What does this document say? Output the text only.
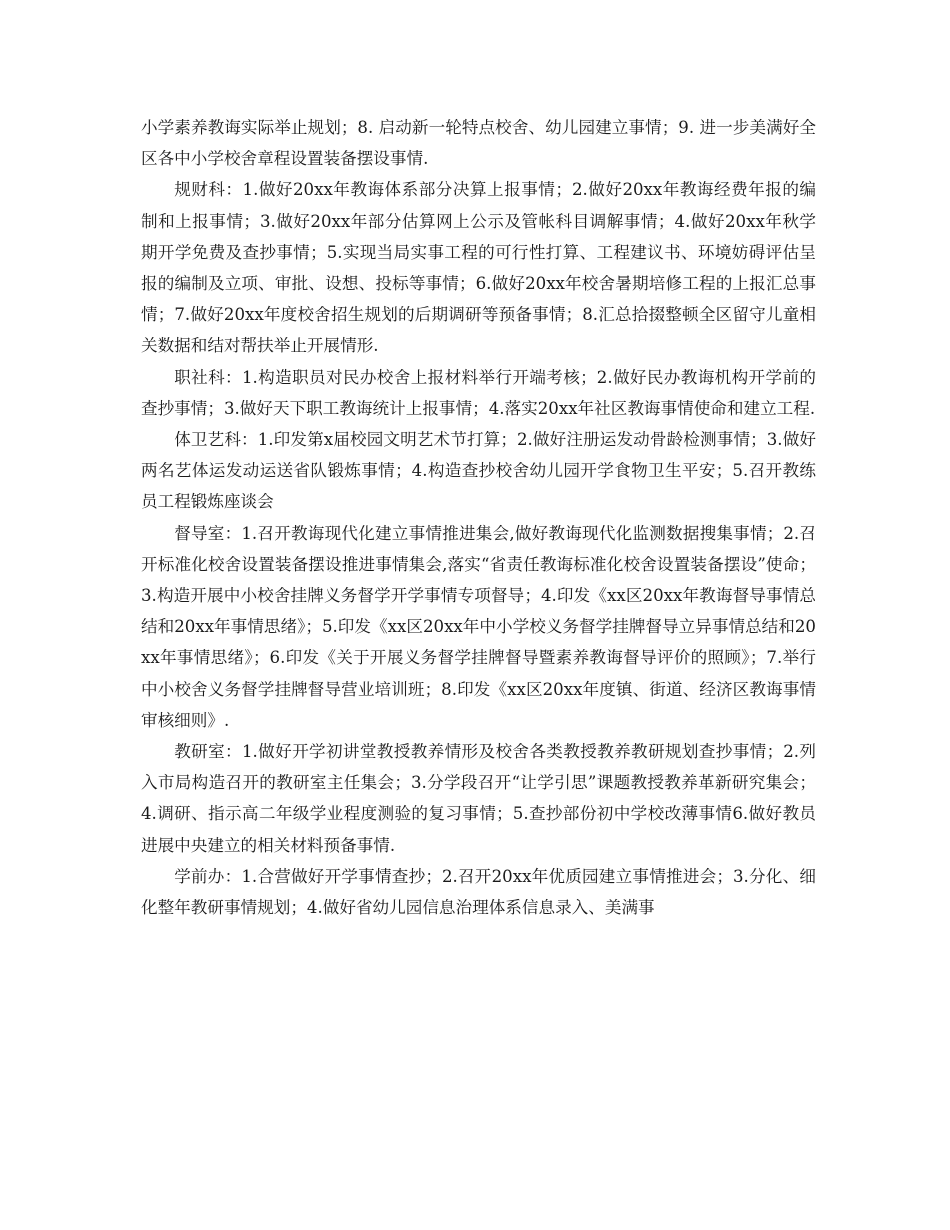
小学素养教诲实际举止规划；8. 启动新一轮特点校舍、幼儿园建立事情；9. 进一步美满好全区各中小学校舍章程设置装备摆设事情.

规财科：1.做好20xx年教诲体系部分决算上报事情；2.做好20xx年教诲经费年报的编制和上报事情；3.做好20xx年部分估算网上公示及管帐科目调解事情；4.做好20xx年秋学期开学免费及查抄事情；5.实现当局实事工程的可行性打算、工程建议书、环境妨碍评估呈报的编制及立项、审批、设想、投标等事情；6.做好20xx年校舍暑期培修工程的上报汇总事情；7.做好20xx年度校舍招生规划的后期调研等预备事情；8.汇总拾掇整顿全区留守儿童相关数据和结对帮扶举止开展情形.

职社科：1.构造职员对民办校舍上报材料举行开端考核；2.做好民办教诲机构开学前的查抄事情；3.做好天下职工教诲统计上报事情；4.落实20xx年社区教诲事情使命和建立工程.

体卫艺科：1.印发第x届校园文明艺术节打算；2.做好注册运发动骨龄检测事情；3.做好两名艺体运发动运送省队锻炼事情；4.构造查抄校舍幼儿园开学食物卫生平安；5.召开教练员工程锻炼座谈会

督导室：1.召开教诲现代化建立事情推进集会,做好教诲现代化监测数据搜集事情；2.召开标准化校舍设置装备摆设推进事情集会,落实“省责任教诲标准化校舍设置装备摆设”使命；3.构造开展中小校舍挂牌义务督学开学事情专项督导；4.印发《xx区20xx年教诲督导事情总结和20xx年事情思绪》；5.印发《xx区20xx年中小学校义务督学挂牌督导立异事情总结和20xx年事情思绪》；6.印发《关于开展义务督学挂牌督导暨素养教诲督导评价的照顾》；7.举行中小校舍义务督学挂牌督导营业培训班；8.印发《xx区20xx年度镇、街道、经济区教诲事情审核细则》.

教研室：1.做好开学初讲堂教授教养情形及校舍各类教授教养教研规划查抄事情；2.列入市局构造召开的教研室主任集会；3.分学段召开“让学引思”课题教授教养革新研究集会；4.调研、指示高二年级学业程度测验的复习事情；5.查抄部份初中学校改薄事情6.做好教员进展中央建立的相关材料预备事情.

学前办：1.合营做好开学事情查抄；2.召开20xx年优质园建立事情推进会；3.分化、细化整年教研事情规划；4.做好省幼儿园信息治理体系信息录入、美满事
